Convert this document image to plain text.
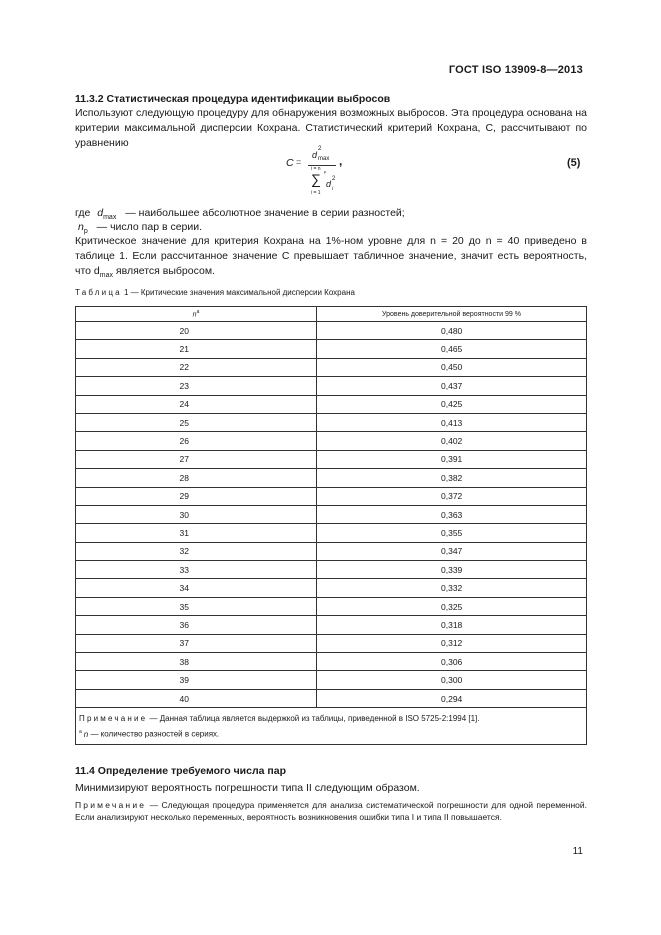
ГОСТ ISO 13909-8—2013
11.3.2 Статистическая процедура идентификации выбросов
Используют следующую процедуру для обнаружения возможных выбросов. Эта процедура основана на критерии максимальной дисперсии Кохрана. Статистический критерий Кохрана, C, рассчитывают по уравнению
C =
d
2
max
i = n p
∑
i = 1
d 2
i
,	(5)
где $d_{max}$ — наибольшее абсолютное значение в серии разностей;
$n_p$ — число пар в серии.
Критическое значение для критерия Кохрана на 1%-ном уровне для n = 20 до n = 40 приведено в таблице 1. Если рассчитанное значение C превышает табличное значение, значит есть вероятность, что $d_{max}$ является выбросом.
Таблица 1 — Критические значения максимальной дисперсии Кохрана
$n^a$	Уровень доверительной вероятности 99 %
20	0,480
21	0,465
22	0,450
23	0,437
24	0,425
25	0,413
26	0,402
27	0,391
28	0,382
29	0,372
30	0,363
31	0,355
32	0,347
33	0,339
34	0,332
35	0,325
36	0,318
37	0,312
38	0,306
39	0,300
40	0,294

Примечание — Данная таблица является выдержкой из таблицы, приведенной в ISO 5725-2:1994 [1].
$^a$ n — количество разностей в сериях.	
11.4 Определение требуемого числа пар
Минимизируют вероятность погрешности типа II следующим образом.
Примечание — Следующая процедура применяется для анализа систематической погрешности для одной переменной. Если анализируют несколько переменных, вероятность возникновения ошибки типа I и типа II повышается.
11
